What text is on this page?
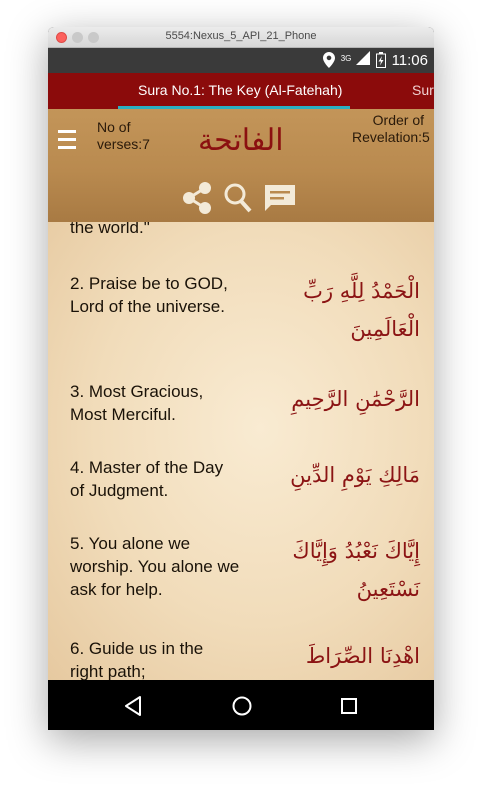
5554:Nexus_5_API_21_Phone
$^{3G}$	11:06
Sura No.1: The Key (Al-Fatehah)	Sur
No of verses:7	الفاتحة
Order of Revelation:5
the world."
2. Praise be to GOD, Lord of the universe.
الْحَمْدُ لِلَّهِ رَبِّ الْعَالَمِينَ
3. Most Gracious, Most Merciful.
الرَّحْمَٰنِ الرَّحِيمِ
4. Master of the Day of Judgment.
مَالِكِ يَوْمِ الدِّينِ
5. You alone we worship. You alone we ask for help.
إِيَّاكَ نَعْبُدُ وَإِيَّاكَ نَسْتَعِينُ
6. Guide us in the right path;
اهْدِنَا الصِّرَاطَ
